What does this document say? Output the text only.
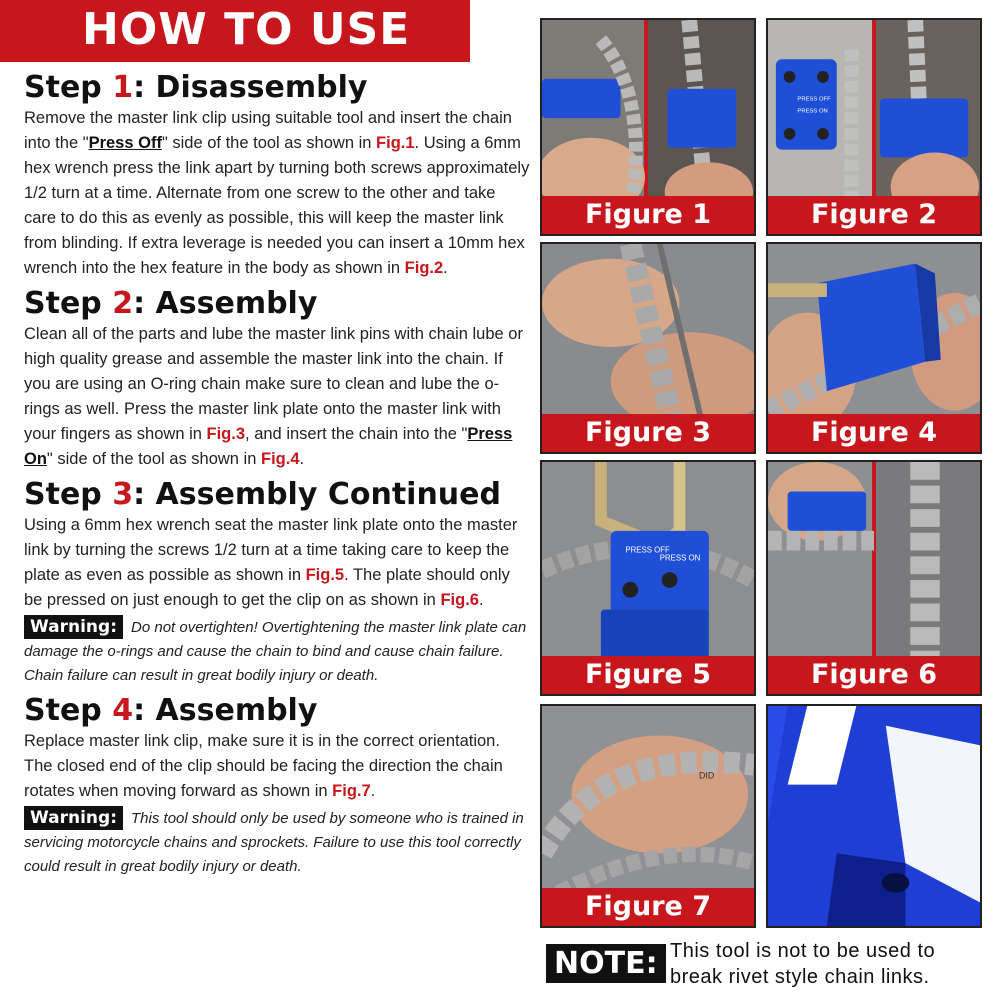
HOW TO USE
Step 1: Disassembly
Remove the master link clip using suitable tool and insert the chain into the "Press Off" side of the tool as shown in Fig.1. Using a 6mm hex wrench press the link apart by turning both screws approximately 1/2 turn at a time. Alternate from one screw to the other and take care to do this as evenly as possible, this will keep the master link from blinding. If extra leverage is needed you can insert a 10mm hex wrench into the hex feature in the body as shown in Fig.2.
Step 2: Assembly
Clean all of the parts and lube the master link pins with chain lube or high quality grease and assemble the master link into the chain. If you are using an O-ring chain make sure to clean and lube the o-rings as well. Press the master link plate onto the master link with your fingers as shown in Fig.3, and insert the chain into the "Press On" side of the tool as shown in Fig.4.
Step 3: Assembly Continued
Using a 6mm hex wrench seat the master link plate onto the master link by turning the screws 1/2 turn at a time taking care to keep the plate as even as possible as shown in Fig.5. The plate should only be pressed on just enough to get the clip on as shown in Fig.6.
Warning: Do not overtighten! Overtightening the master link plate can damage the o-rings and cause the chain to bind and cause chain failure. Chain failure can result in great bodily injury or death.
Step 4: Assembly
Replace master link clip, make sure it is in the correct orientation. The closed end of the clip should be facing the direction the chain rotates when moving forward as shown in Fig.7.
Warning: This tool should only be used by someone who is trained in servicing motorcycle chains and sprockets. Failure to use this tool correctly could result in great bodily injury or death.
Figure 1
PRESS OFF
PRESS ON
Figure 2
Figure 3	Figure 4
PRESS OFF
PRESS ON
Figure 5	Figure 6
DID
Figure 7
NOTE: This tool is not to be used to
break rivet style chain links.
